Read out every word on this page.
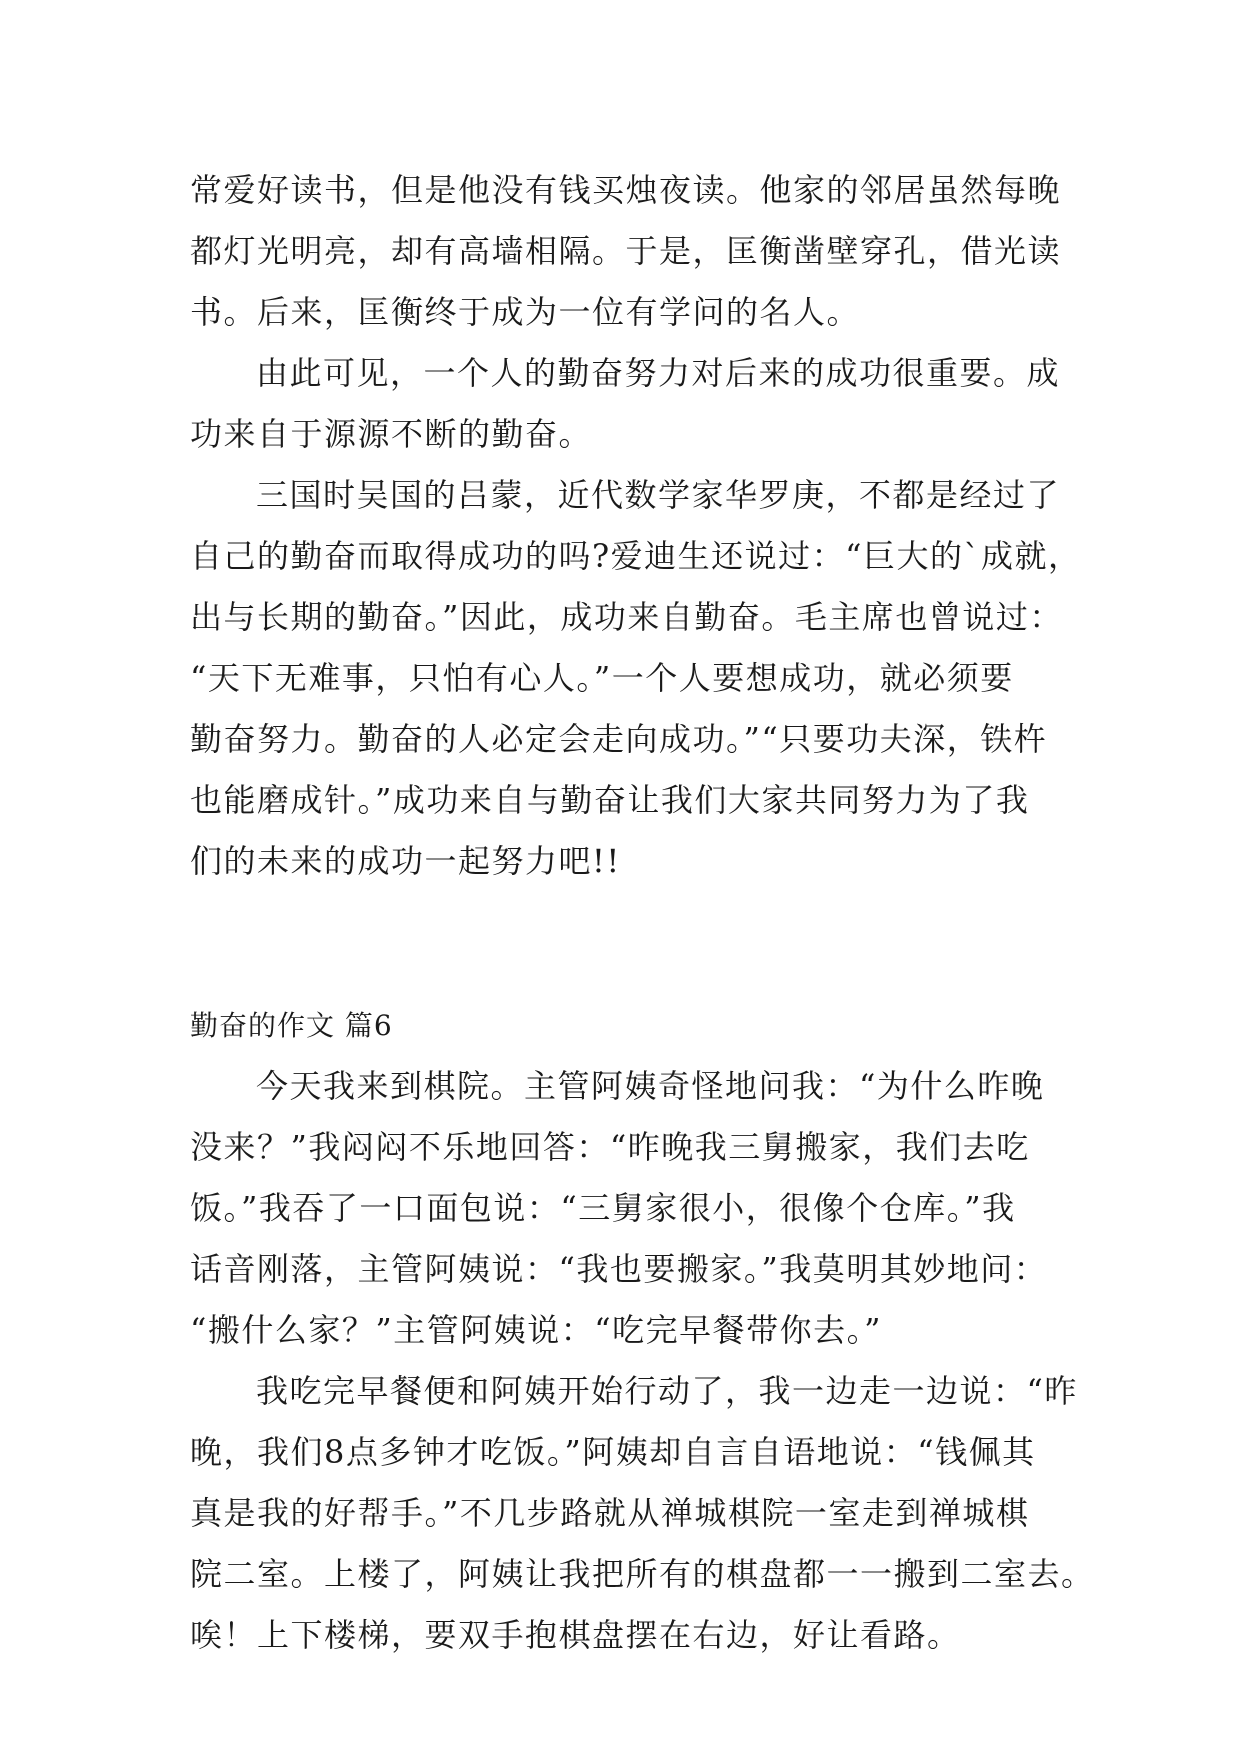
常爱好读书，但是他没有钱买烛夜读。他家的邻居虽然每晚
都灯光明亮，却有高墙相隔。于是，匡衡凿壁穿孔，借光读
书。后来，匡衡终于成为一位有学问的名人。
由此可见，一个人的勤奋努力对后来的成功很重要。成
功来自于源源不断的勤奋。
三国时吴国的吕蒙，近代数学家华罗庚，不都是经过了
自己的勤奋而取得成功的吗?爱迪生还说过：“巨大的`成就，
出与长期的勤奋。”因此，成功来自勤奋。毛主席也曾说过：
“天下无难事，只怕有心人。”一个人要想成功，就必须要
勤奋努力。勤奋的人必定会走向成功。”“只要功夫深，铁杵
也能磨成针。”成功来自与勤奋让我们大家共同努力为了我
们的未来的成功一起努力吧!!
勤奋的作文 篇6
今天我来到棋院。主管阿姨奇怪地问我：“为什么昨晚
没来？”我闷闷不乐地回答：“昨晚我三舅搬家，我们去吃
饭。”我吞了一口面包说：“三舅家很小，很像个仓库。”我
话音刚落，主管阿姨说：“我也要搬家。”我莫明其妙地问：
“搬什么家？”主管阿姨说：“吃完早餐带你去。”
我吃完早餐便和阿姨开始行动了，我一边走一边说：“昨
晚，我们8点多钟才吃饭。”阿姨却自言自语地说：“钱佩其
真是我的好帮手。”不几步路就从禅城棋院一室走到禅城棋
院二室。上楼了，阿姨让我把所有的棋盘都一一搬到二室去。
唉！上下楼梯，要双手抱棋盘摆在右边，好让看路。
